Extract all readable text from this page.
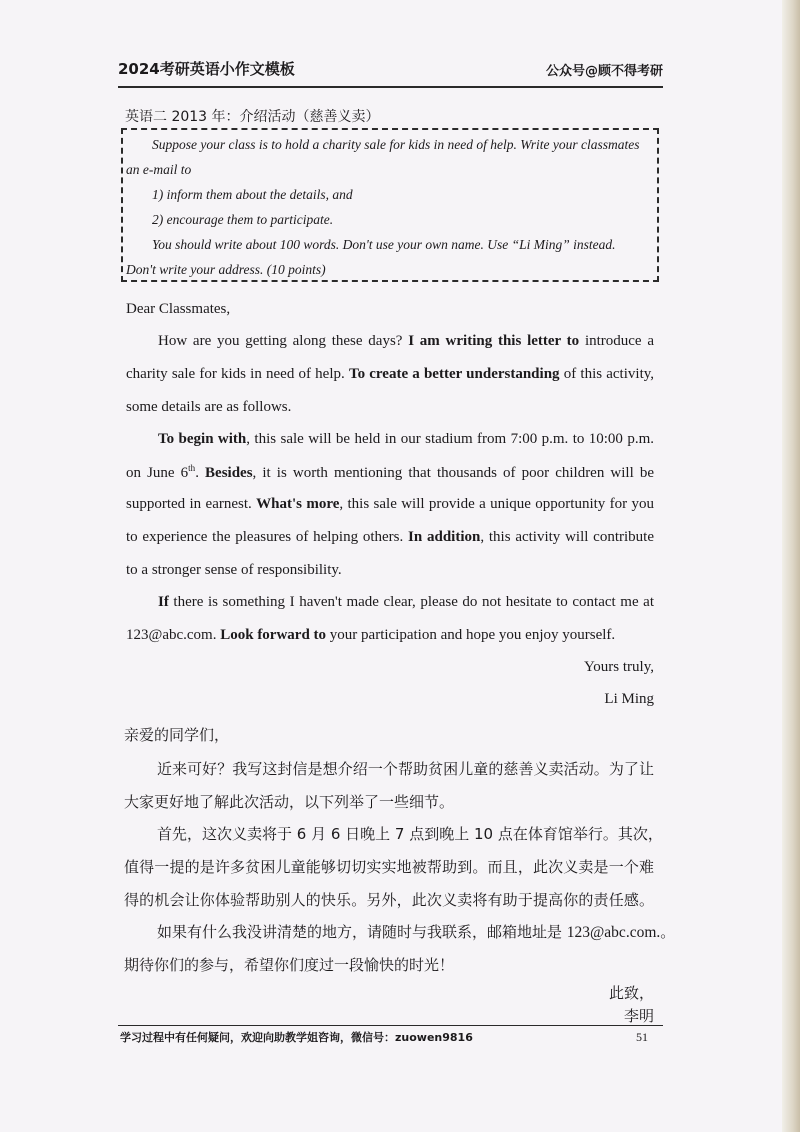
2024考研英语小作文模板	公众号@顾不得考研
英语二 2013 年：介绍活动（慈善义卖）
Suppose your class is to hold a charity sale for kids in need of help. Write your classmates
an e-mail to
1) inform them about the details, and
2) encourage them to participate.
You should write about 100 words. Don't use your own name. Use “Li Ming” instead.
Don't write your address. (10 points)
Dear Classmates,
How are you getting along these days? I am writing this letter to introduce a
charity sale for kids in need of help. To create a better understanding of this activity,
some details are as follows.
To begin with, this sale will be held in our stadium from 7:00 p.m. to 10:00 p.m.
on June 6th. Besides, it is worth mentioning that thousands of poor children will be
supported in earnest. What's more, this sale will provide a unique opportunity for you
to experience the pleasures of helping others. In addition, this activity will contribute
to a stronger sense of responsibility.
If there is something I haven't made clear, please do not hesitate to contact me at
123@abc.com. Look forward to your participation and hope you enjoy yourself.
Yours truly,
Li Ming
亲爱的同学们，
近来可好？我写这封信是想介绍一个帮助贫困儿童的慈善义卖活动。为了让
大家更好地了解此次活动，以下列举了一些细节。
首先，这次义卖将于 6 月 6 日晚上 7 点到晚上 10 点在体育馆举行。其次，
值得一提的是许多贫困儿童能够切切实实地被帮助到。而且，此次义卖是一个难
得的机会让你体验帮助别人的快乐。另外，此次义卖将有助于提高你的责任感。
如果有什么我没讲清楚的地方，请随时与我联系，邮箱地址是 123@abc.com.。
期待你们的参与，希望你们度过一段愉快的时光！
此致，
李明
学习过程中有任何疑问，欢迎向助教学姐咨询，微信号：zuowen9816	51
